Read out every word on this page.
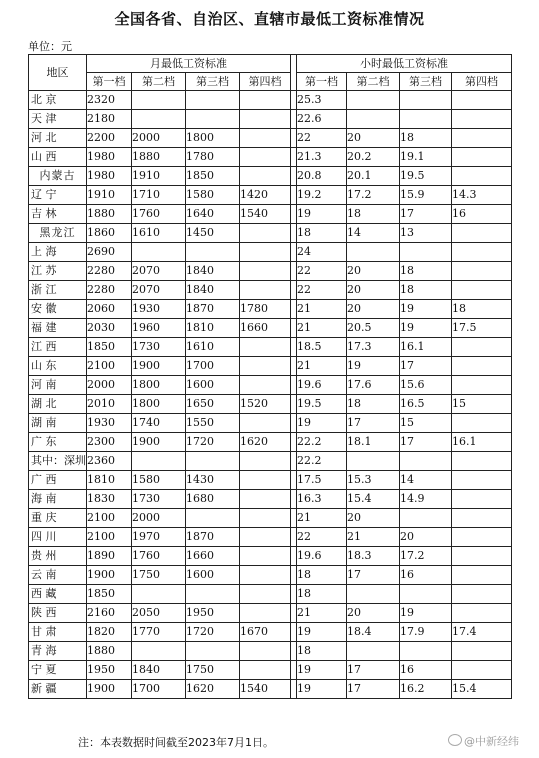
全国各省、自治区、直辖市最低工资标准情况
单位：元
地区	月最低工资标准					小时最低工资标准			
	第一档	第二档	第三档	第四档		第一档	第二档	第三档	第四档
北 京	2320					25.3			
天 津	2180					22.6			
河 北	2200	2000	1800			22	20	18	
山 西	1980	1880	1780			21.3	20.2	19.1	
内蒙古	1980	1910	1850			20.8	20.1	19.5	
辽 宁	1910	1710	1580	1420		19.2	17.2	15.9	14.3
吉 林	1880	1760	1640	1540		19	18	17	16
黑龙江	1860	1610	1450			18	14	13	
上 海	2690					24			
江 苏	2280	2070	1840			22	20	18	
浙 江	2280	2070	1840			22	20	18	
安 徽	2060	1930	1870	1780		21	20	19	18
福 建	2030	1960	1810	1660		21	20.5	19	17.5
江 西	1850	1730	1610			18.5	17.3	16.1	
山 东	2100	1900	1700			21	19	17	
河 南	2000	1800	1600			19.6	17.6	15.6	
湖 北	2010	1800	1650	1520		19.5	18	16.5	15
湖 南	1930	1740	1550			19	17	15	
广 东	2300	1900	1720	1620		22.2	18.1	17	16.1
其中：深圳	2360					22.2			
广 西	1810	1580	1430			17.5	15.3	14	
海 南	1830	1730	1680			16.3	15.4	14.9	
重 庆	2100	2000				21	20		
四 川	2100	1970	1870			22	21	20	
贵 州	1890	1760	1660			19.6	18.3	17.2	
云 南	1900	1750	1600			18	17	16	
西 藏	1850					18			
陕 西	2160	2050	1950			21	20	19	
甘 肃	1820	1770	1720	1670		19	18.4	17.9	17.4
青 海	1880					18			
宁 夏	1950	1840	1750			19	17	16	
新 疆	1900	1700	1620	1540		19	17	16.2	15.4
注：本表数据时间截至2023年7月1日。	@中新经纬
